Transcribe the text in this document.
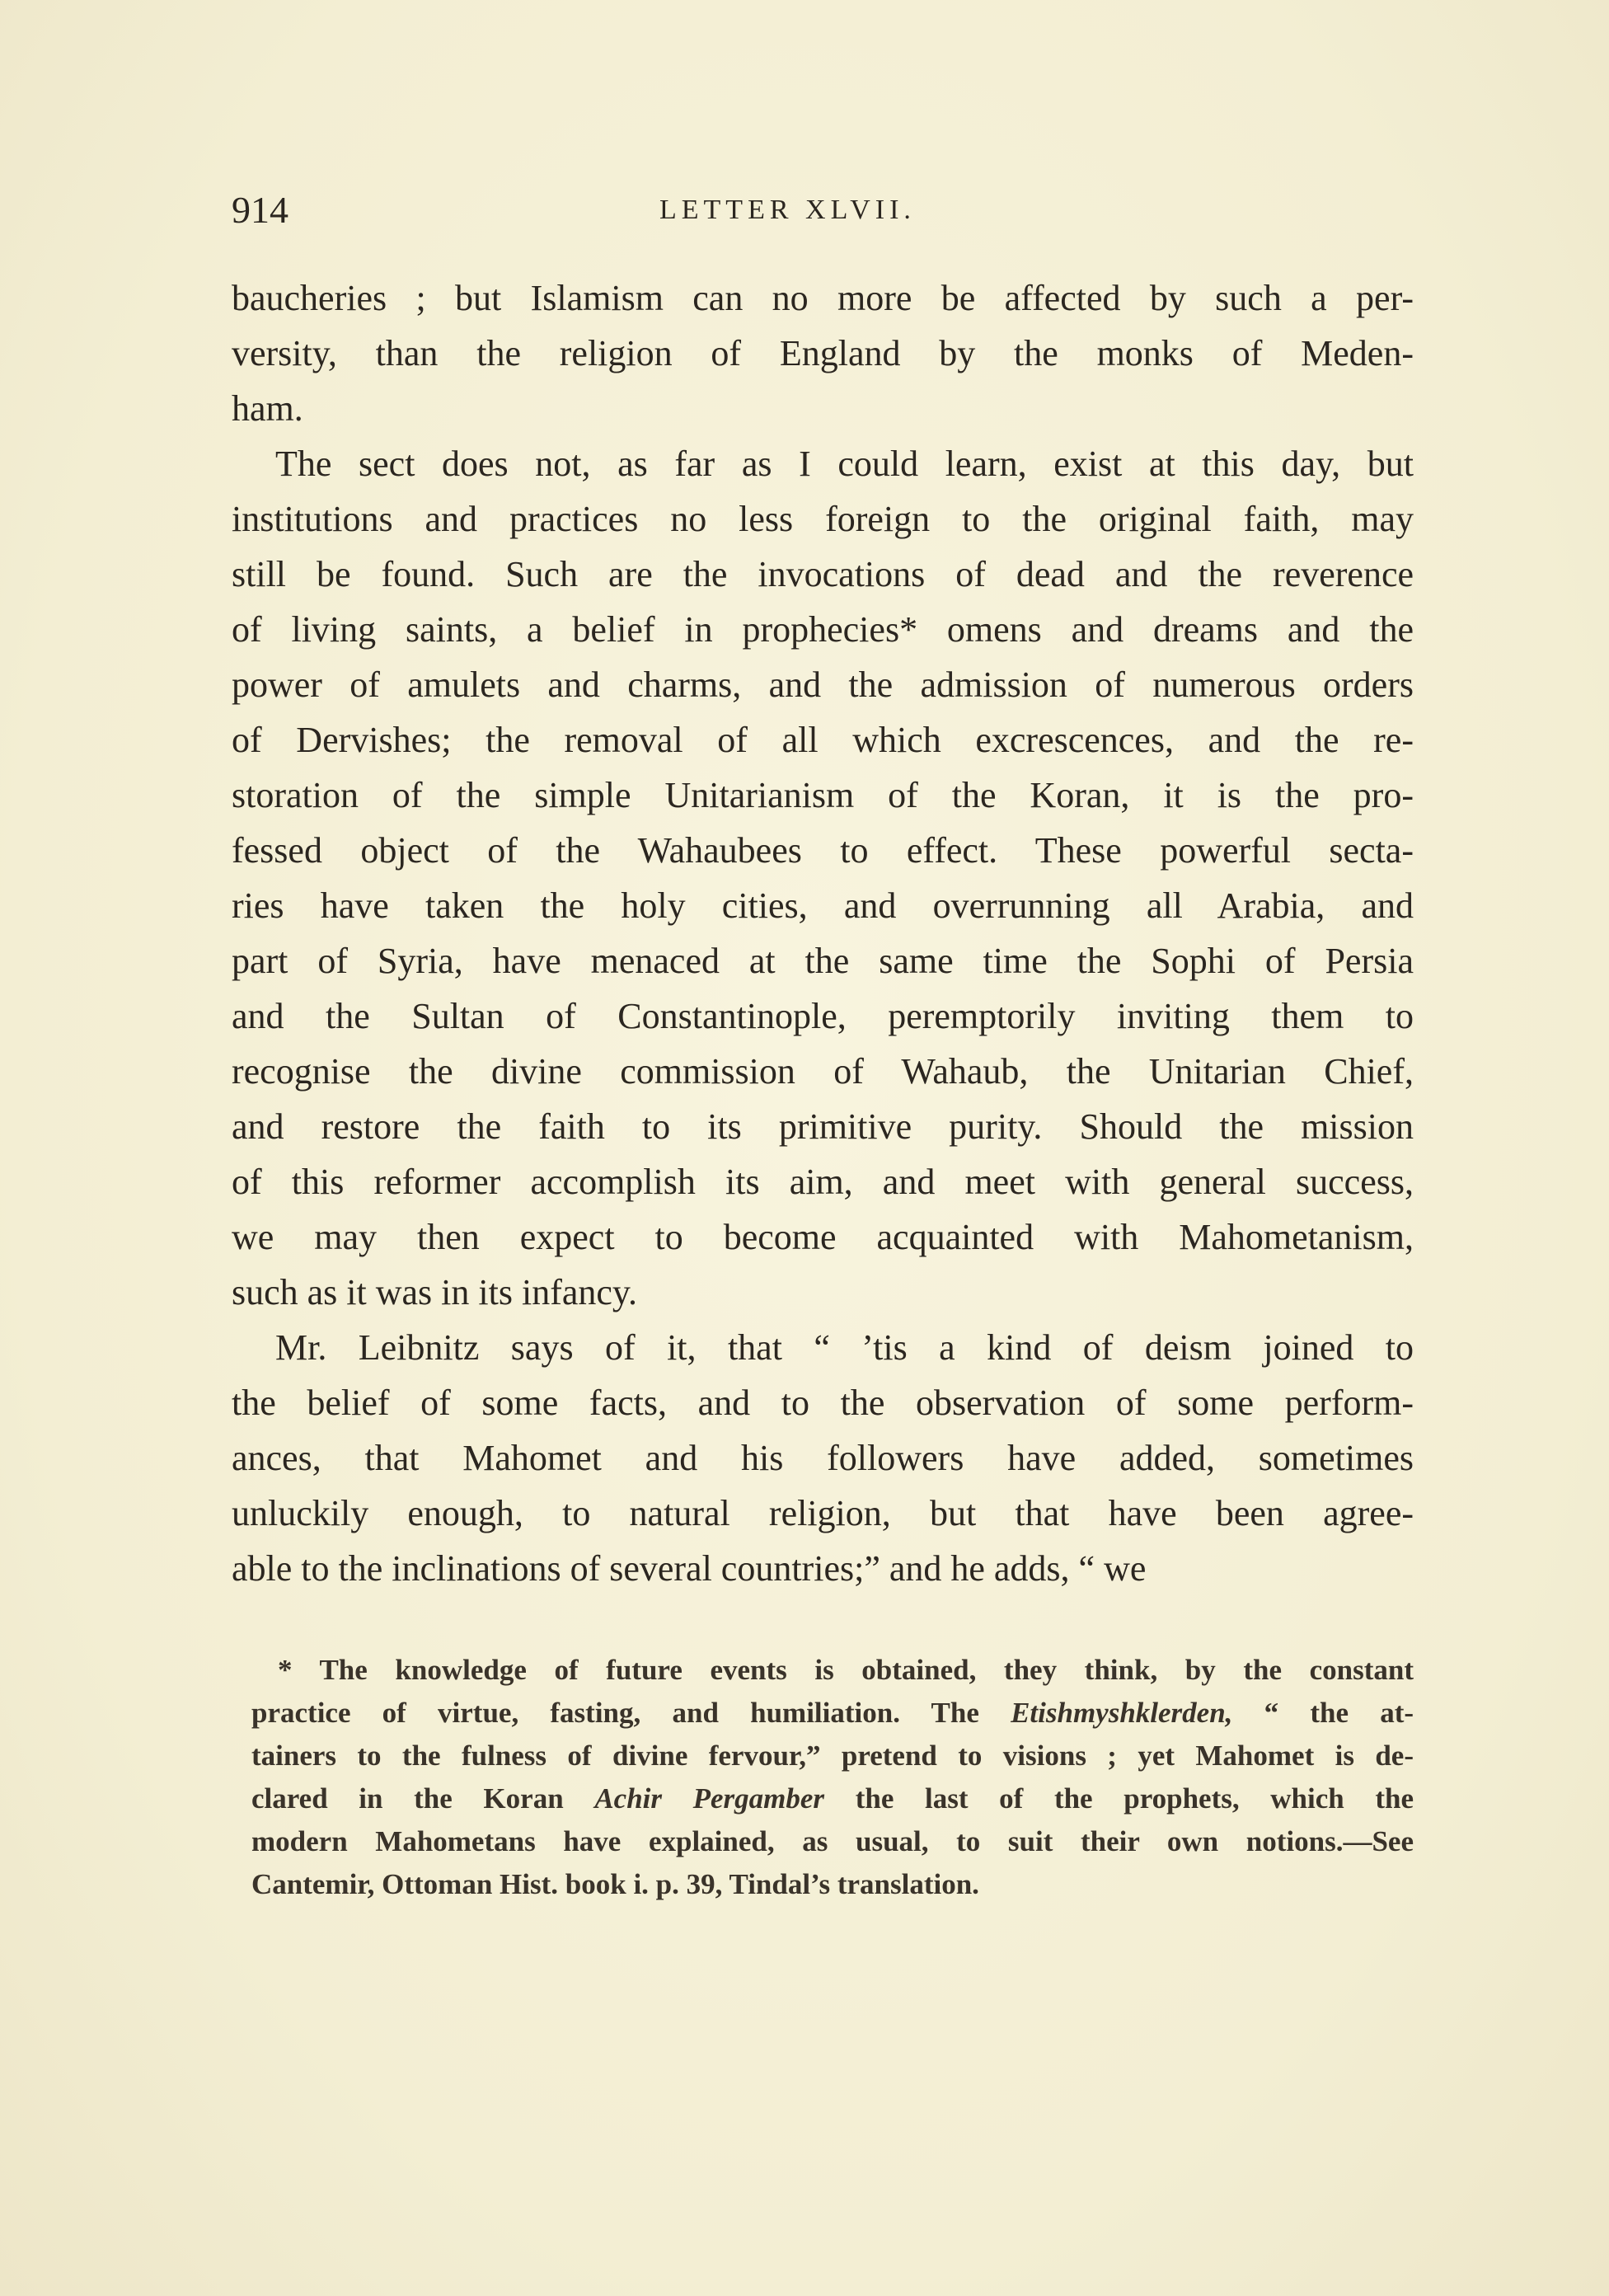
914	LETTER XLVII.
baucheries ; but Islamism can no more be affected by such a per-
versity, than the religion of England by the monks of Meden-
ham.
The sect does not, as far as I could learn, exist at this day, but
institutions and practices no less foreign to the original faith, may
still be found. Such are the invocations of dead and the reverence
of living saints, a belief in prophecies* omens and dreams and the
power of amulets and charms, and the admission of numerous orders
of Dervishes; the removal of all which excrescences, and the re-
storation of the simple Unitarianism of the Koran, it is the pro-
fessed object of the Wahaubees to effect. These powerful secta-
ries have taken the holy cities, and overrunning all Arabia, and
part of Syria, have menaced at the same time the Sophi of Persia
and the Sultan of Constantinople, peremptorily inviting them to
recognise the divine commission of Wahaub, the Unitarian Chief,
and restore the faith to its primitive purity. Should the mission
of this reformer accomplish its aim, and meet with general success,
we may then expect to become acquainted with Mahometanism,
such as it was in its infancy.
Mr. Leibnitz says of it, that “ ’tis a kind of deism joined to
the belief of some facts, and to the observation of some perform-
ances, that Mahomet and his followers have added, sometimes
unluckily enough, to natural religion, but that have been agree-
able to the inclinations of several countries;” and he adds, “ we
* The knowledge of future events is obtained, they think, by the constant
practice of virtue, fasting, and humiliation. The Etishmyshklerden, “ the at-
tainers to the fulness of divine fervour,” pretend to visions ; yet Mahomet is de-
clared in the Koran Achir Pergamber the last of the prophets, which the
modern Mahometans have explained, as usual, to suit their own notions.—See
Cantemir, Ottoman Hist. book i. p. 39, Tindal’s translation.
